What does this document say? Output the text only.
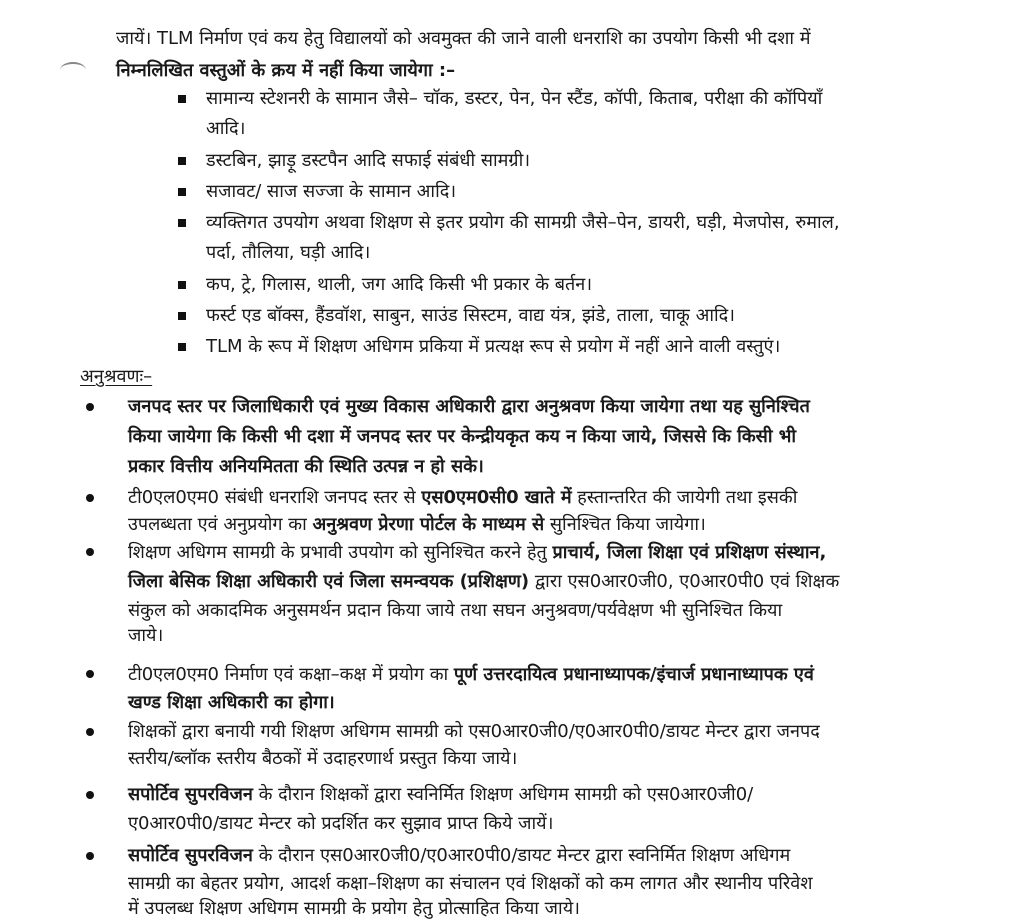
जायें। TLM निर्माण एवं कय हेतु विद्यालयों को अवमुक्त की जाने वाली धनराशि का उपयोग किसी भी दशा में
निम्नलिखित वस्तुओं के क्रय में नहीं किया जायेगा :–
सामान्य स्टेशनरी के सामान जैसे– चॉक, डस्टर, पेन, पेन स्टैंड, कॉपी, किताब, परीक्षा की कॉपियाँ
आदि।
डस्टबिन, झाड़ू डस्टपैन आदि सफाई संबंधी सामग्री।
सजावट/ साज सज्जा के सामान आदि।
व्यक्तिगत उपयोग अथवा शिक्षण से इतर प्रयोग की सामग्री जैसे–पेन, डायरी, घड़ी, मेजपोस, रुमाल,
पर्दा, तौलिया, घड़ी आदि।
कप, ट्रे, गिलास, थाली, जग आदि किसी भी प्रकार के बर्तन।
फर्स्ट एड बॉक्स, हैंडवॉश, साबुन, साउंड सिस्टम, वाद्य यंत्र, झंडे, ताला, चाकू आदि।
TLM के रूप में शिक्षण अधिगम प्रकिया में प्रत्यक्ष रूप से प्रयोग में नहीं आने वाली वस्तुएं।
अनुश्रवणः–
जनपद स्तर पर जिलाधिकारी एवं मुख्य विकास अधिकारी द्वारा अनुश्रवण किया जायेगा तथा यह सुनिश्चित
किया जायेगा कि किसी भी दशा में जनपद स्तर पर केन्द्रीयकृत कय न किया जाये, जिससे कि किसी भी
प्रकार वित्तीय अनियमितता की स्थिति उत्पन्न न हो सके।
टी0एल0एम0 संबंधी धनराशि जनपद स्तर से एस0एम0सी0 खाते में हस्तान्तरित की जायेगी तथा इसकी
उपलब्धता एवं अनुप्रयोग का अनुश्रवण प्रेरणा पोर्टल के माध्यम से सुनिश्चित किया जायेगा।
शिक्षण अधिगम सामग्री के प्रभावी उपयोग को सुनिश्चित करने हेतु प्राचार्य, जिला शिक्षा एवं प्रशिक्षण संस्थान,
जिला बेसिक शिक्षा अधिकारी एवं जिला समन्वयक (प्रशिक्षण) द्वारा एस0आर0जी0, ए0आर0पी0 एवं शिक्षक
संकुल को अकादमिक अनुसमर्थन प्रदान किया जाये तथा सघन अनुश्रवण/पर्यवेक्षण भी सुनिश्चित किया
जाये।
टी0एल0एम0 निर्माण एवं कक्षा–कक्ष में प्रयोग का पूर्ण उत्तरदायित्व प्रधानाध्यापक/इंचार्ज प्रधानाध्यापक एवं
खण्ड शिक्षा अधिकारी का होगा।
शिक्षकों द्वारा बनायी गयी शिक्षण अधिगम सामग्री को एस0आर0जी0/ए0आर0पी0/डायट मेन्टर द्वारा जनपद
स्तरीय/ब्लॉक स्तरीय बैठकों में उदाहरणार्थ प्रस्तुत किया जाये।
सपोर्टिव सुपरविजन के दौरान शिक्षकों द्वारा स्वनिर्मित शिक्षण अधिगम सामग्री को एस0आर0जी0/
ए0आर0पी0/डायट मेन्टर को प्रदर्शित कर सुझाव प्राप्त किये जायें।
सपोर्टिव सुपरविजन के दौरान एस0आर0जी0/ए0आर0पी0/डायट मेन्टर द्वारा स्वनिर्मित शिक्षण अधिगम
सामग्री का बेहतर प्रयोग, आदर्श कक्षा–शिक्षण का संचालन एवं शिक्षकों को कम लागत और स्थानीय परिवेश
में उपलब्ध शिक्षण अधिगम सामग्री के प्रयोग हेतु प्रोत्साहित किया जाये।
